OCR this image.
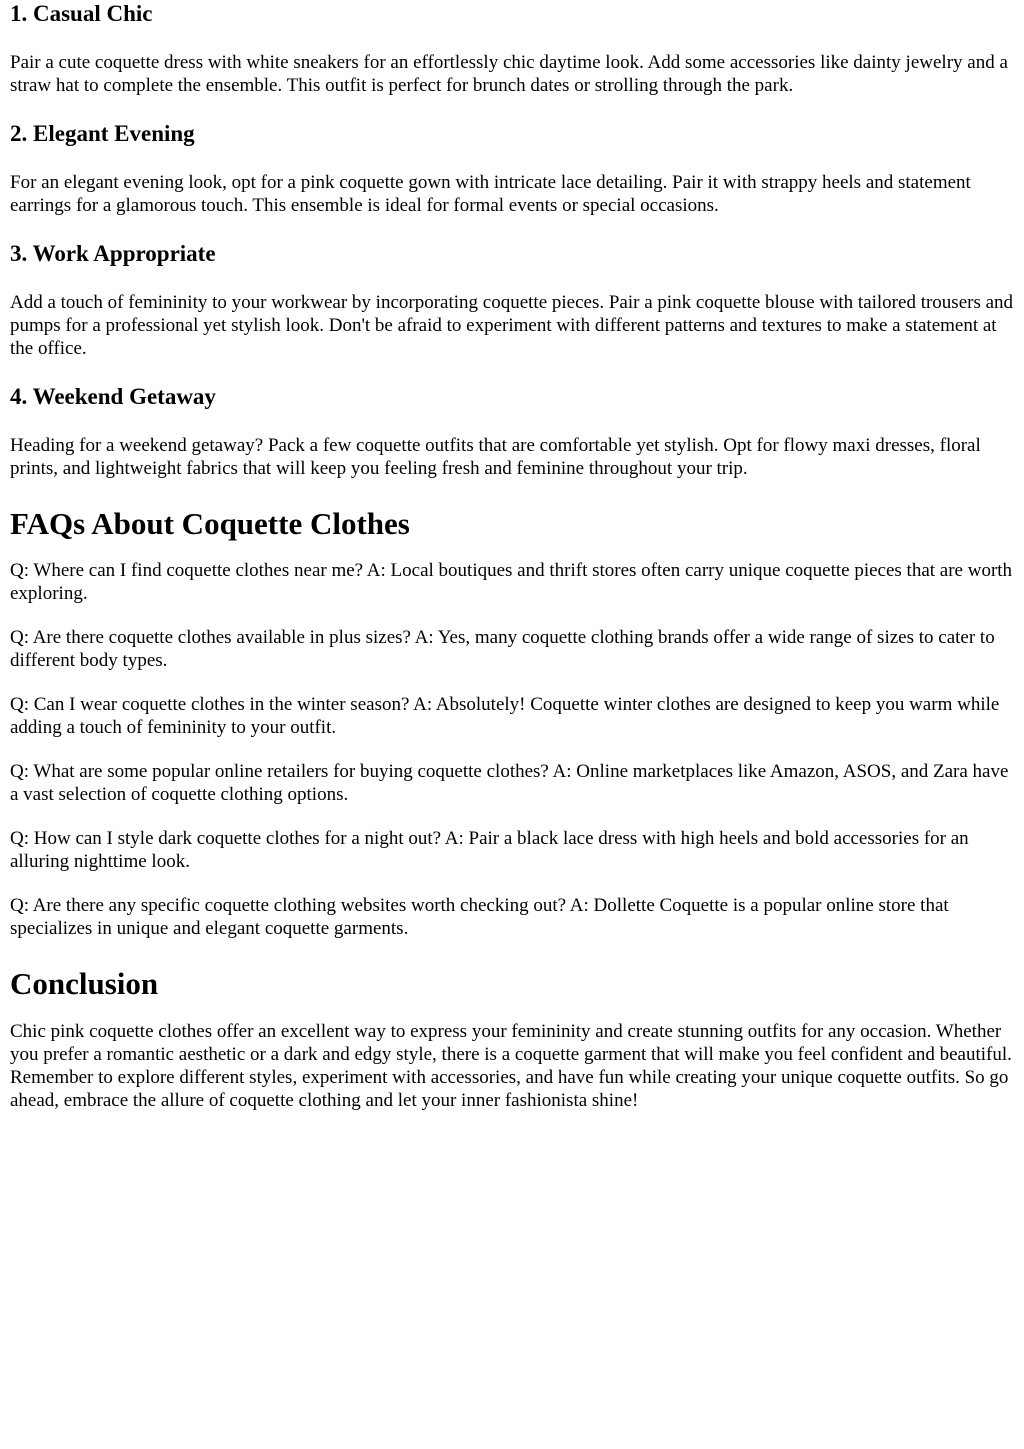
1. Casual Chic

Pair a cute coquette dress with white sneakers for an effortlessly chic daytime look. Add some accessories like dainty jewelry and a straw hat to complete the ensemble. This outfit is perfect for brunch dates or strolling through the park.

2. Elegant Evening

For an elegant evening look, opt for a pink coquette gown with intricate lace detailing. Pair it with strappy heels and statement earrings for a glamorous touch. This ensemble is ideal for formal events or special occasions.

3. Work Appropriate

Add a touch of femininity to your workwear by incorporating coquette pieces. Pair a pink coquette blouse with tailored trousers and pumps for a professional yet stylish look. Don't be afraid to experiment with different patterns and textures to make a statement at the office.

4. Weekend Getaway

Heading for a weekend getaway? Pack a few coquette outfits that are comfortable yet stylish. Opt for flowy maxi dresses, floral prints, and lightweight fabrics that will keep you feeling fresh and feminine throughout your trip.

FAQs About Coquette Clothes

Q: Where can I find coquette clothes near me? A: Local boutiques and thrift stores often carry unique coquette pieces that are worth exploring.

Q: Are there coquette clothes available in plus sizes? A: Yes, many coquette clothing brands offer a wide range of sizes to cater to different body types.

Q: Can I wear coquette clothes in the winter season? A: Absolutely! Coquette winter clothes are designed to keep you warm while adding a touch of femininity to your outfit.

Q: What are some popular online retailers for buying coquette clothes? A: Online marketplaces like Amazon, ASOS, and Zara have a vast selection of coquette clothing options.

Q: How can I style dark coquette clothes for a night out? A: Pair a black lace dress with high heels and bold accessories for an alluring nighttime look.

Q: Are there any specific coquette clothing websites worth checking out? A: Dollette Coquette is a popular online store that specializes in unique and elegant coquette garments.

Conclusion

Chic pink coquette clothes offer an excellent way to express your femininity and create stunning outfits for any occasion. Whether you prefer a romantic aesthetic or a dark and edgy style, there is a coquette garment that will make you feel confident and beautiful. Remember to explore different styles, experiment with accessories, and have fun while creating your unique coquette outfits. So go ahead, embrace the allure of coquette clothing and let your inner fashionista shine!
